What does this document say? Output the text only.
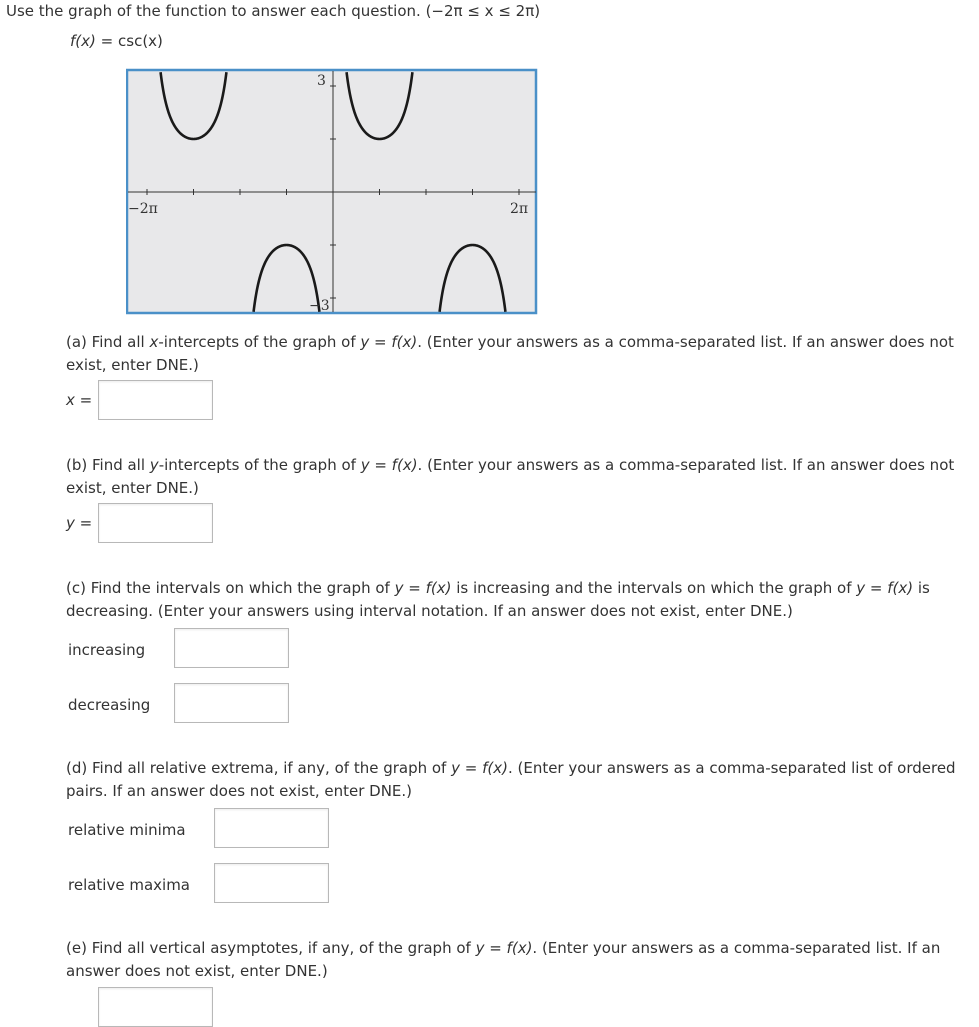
Use the graph of the function to answer each question. (−2π ≤ x ≤ 2π)
f(x) = csc(x)
3
−3
−2π	2π
(a) Find all x-intercepts of the graph of y = f(x). (Enter your answers as a comma-separated list. If an answer does not exist, enter DNE.)
x =
(b) Find all y-intercepts of the graph of y = f(x). (Enter your answers as a comma-separated list. If an answer does not exist, enter DNE.)
y =
(c) Find the intervals on which the graph of y = f(x) is increasing and the intervals on which the graph of y = f(x) is decreasing. (Enter your answers using interval notation. If an answer does not exist, enter DNE.)
increasing
decreasing
(d) Find all relative extrema, if any, of the graph of y = f(x). (Enter your answers as a comma-separated list of ordered pairs. If an answer does not exist, enter DNE.)
relative minima
relative maxima
(e) Find all vertical asymptotes, if any, of the graph of y = f(x). (Enter your answers as a comma-separated list. If an answer does not exist, enter DNE.)
